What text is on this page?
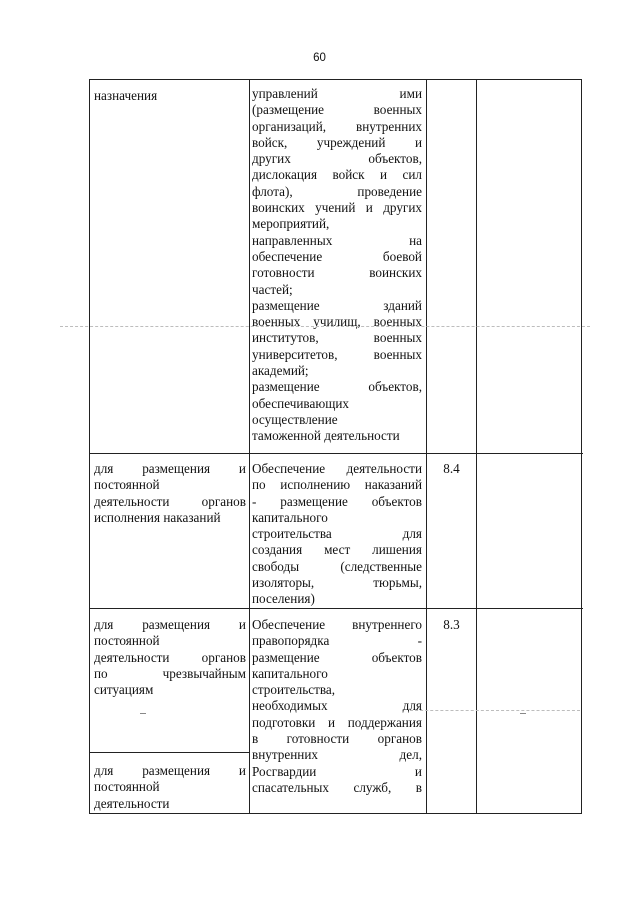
60
назначения	управлений ими
(размещение военных
организаций, внутренних
войск, учреждений и
других объектов,
дислокация войск и сил
флота), проведение
воинских учений и других
мероприятий,
направленных на
обеспечение боевой
готовности воинских
частей;
размещение зданий
военных училищ, военных
институтов, военных
университетов, военных
академий;
размещение объектов,
обеспечивающих
осуществление
таможенной деятельности
для размещения и
постоянной
деятельности органов
исполнения наказаний
Обеспечение деятельности
по исполнению наказаний
- размещение объектов
капитального
строительства для
создания мест лишения
свободы (следственные
изоляторы, тюрьмы,
поселения)
8.4
для размещения и
постоянной
деятельности органов
по чрезвычайным
ситуациям
для размещения и
постоянной
деятельности
Обеспечение внутреннего
правопорядка -
размещение объектов
капитального
строительства,
необходимых для
подготовки и поддержания
в готовности органов
внутренних дел,
Росгвардии и
спасательных служб, в
8.3
